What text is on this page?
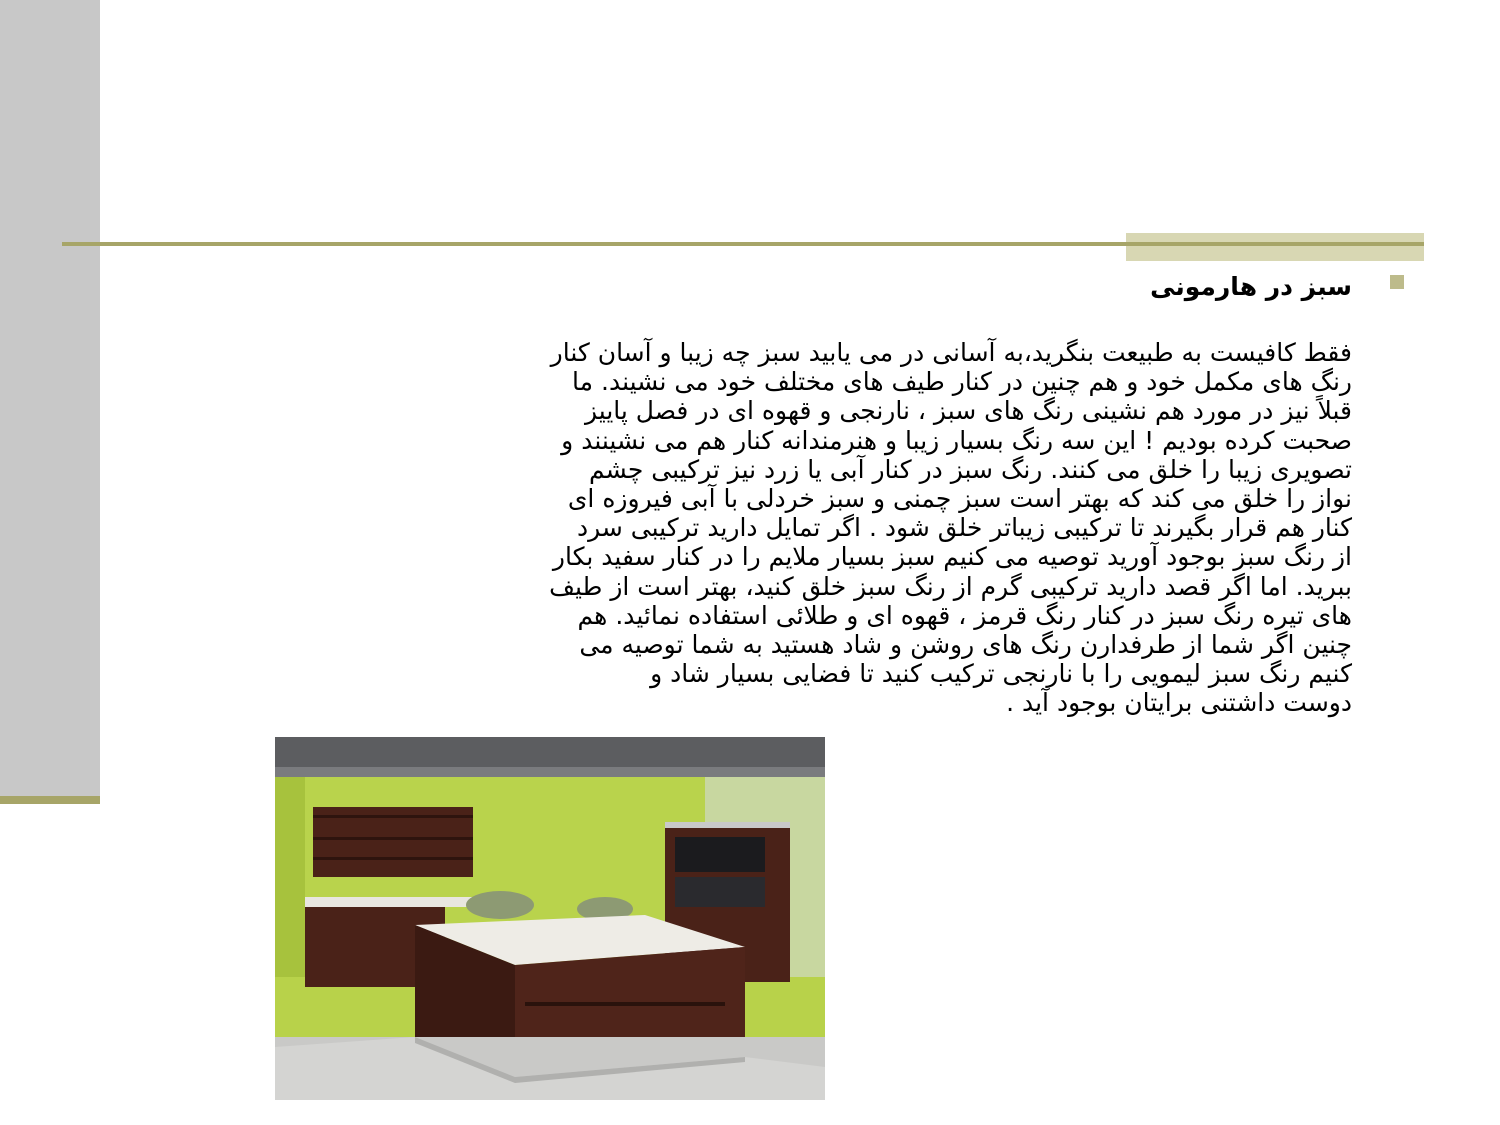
سبز در هارمونی
فقط کافیست به طبیعت بنگرید،به آسانی در می یابید سبز چه زیبا و آسان کنار
رنگ های مکمل خود و هم چنین در کنار طیف های مختلف خود می نشیند. ما
قبلاً نیز در مورد هم نشینی رنگ های سبز ، نارنجی و قهوه ای در فصل پاییز
صحبت کرده بودیم ! این سه رنگ بسیار زیبا و هنرمندانه کنار هم می نشینند و
تصویری زیبا را خلق می کنند. رنگ سبز در کنار آبی یا زرد نیز ترکیبی چشم
نواز را خلق می کند که بهتر است سبز چمنی و سبز خردلی با آبی فیروزه ای
کنار هم قرار بگیرند تا ترکیبی زیباتر خلق شود . اگر تمایل دارید ترکیبی سرد
از رنگ سبز بوجود آورید توصیه می کنیم سبز بسیار ملایم را در کنار سفید بکار
ببرید. اما اگر قصد دارید ترکیبی گرم از رنگ سبز خلق کنید، بهتر است از طیف
های تیره رنگ سبز در کنار رنگ قرمز ، قهوه ای و طلائی استفاده نمائید. هم
چنین اگر شما از طرفدارن رنگ های روشن و شاد هستید به شما توصیه می
کنیم رنگ سبز لیمویی را با نارنجی ترکیب کنید تا فضایی بسیار شاد و
دوست داشتنی برایتان بوجود آید .
